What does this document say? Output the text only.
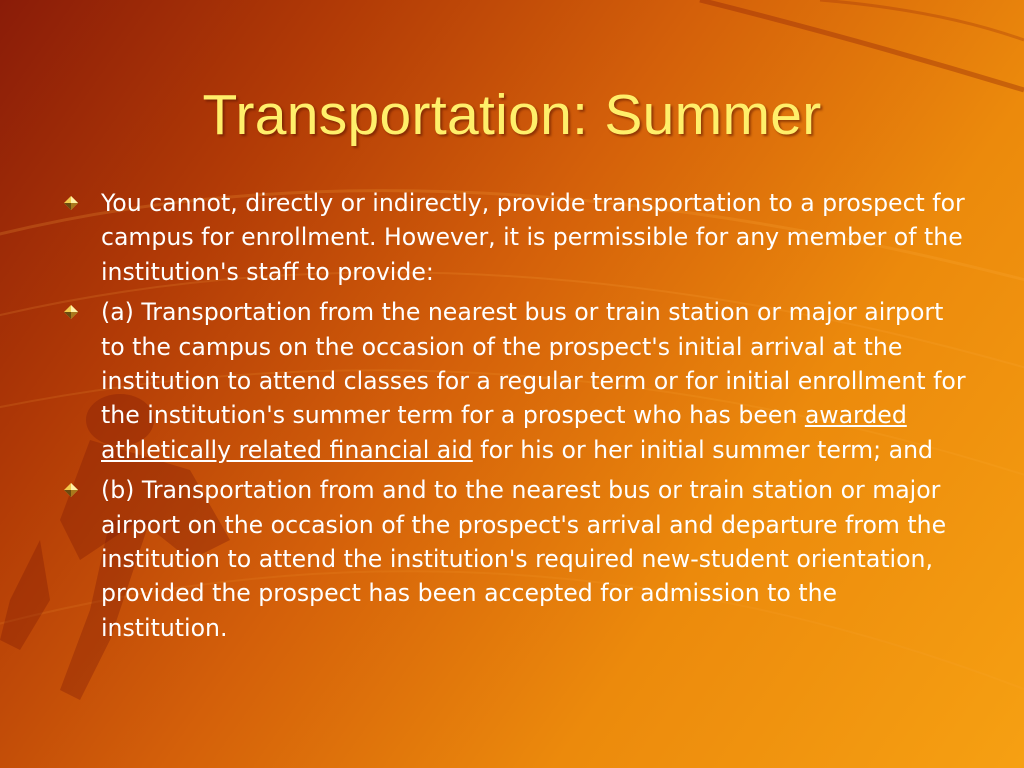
Transportation: Summer
You cannot, directly or indirectly, provide transportation to a prospect for campus for enrollment. However, it is permissible for any member of the institution's staff to provide:
(a) Transportation from the nearest bus or train station or major airport to the campus on the occasion of the prospect's initial arrival at the institution to attend classes for a regular term or for initial enrollment for the institution's summer term for a prospect who has been awarded athletically related financial aid for his or her initial summer term; and
(b) Transportation from and to the nearest bus or train station or major airport on the occasion of the prospect's arrival and departure from the institution to attend the institution's required new-student orientation, provided the prospect has been accepted for admission to the institution.
